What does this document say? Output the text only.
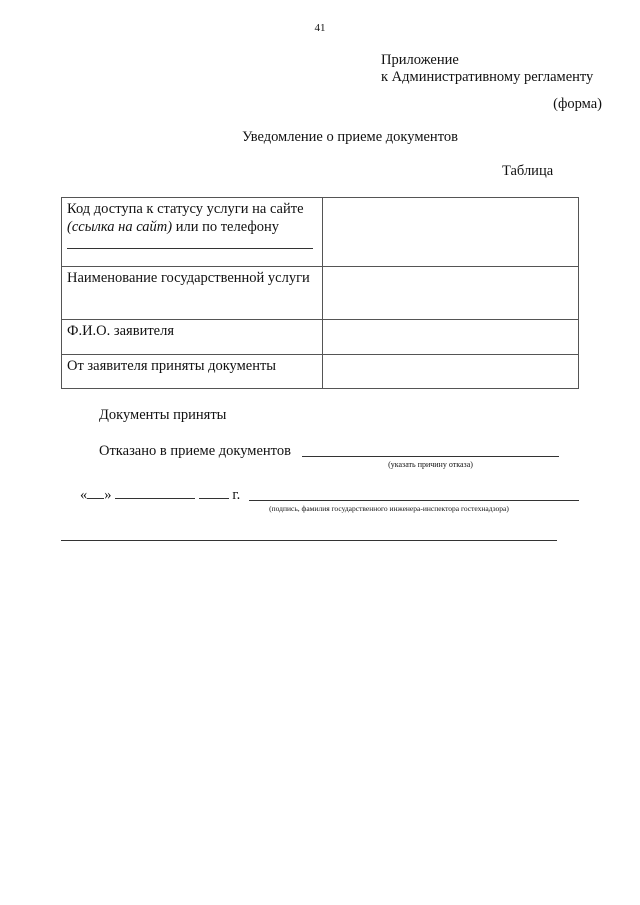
41
Приложение
к Административному регламенту
(форма)
Уведомление о приеме документов
Таблица
Код доступа к статусу услуги на сайте
(ссылка на сайт) или по телефону

Наименование государственной услуги	
Ф.И.О. заявителя	
От заявителя приняты документы	
Документы приняты
Отказано в приеме документов
(указать причину отказа)
« »	г.
(подпись, фамилия государственного инженера-инспектора гостехнадзора)
